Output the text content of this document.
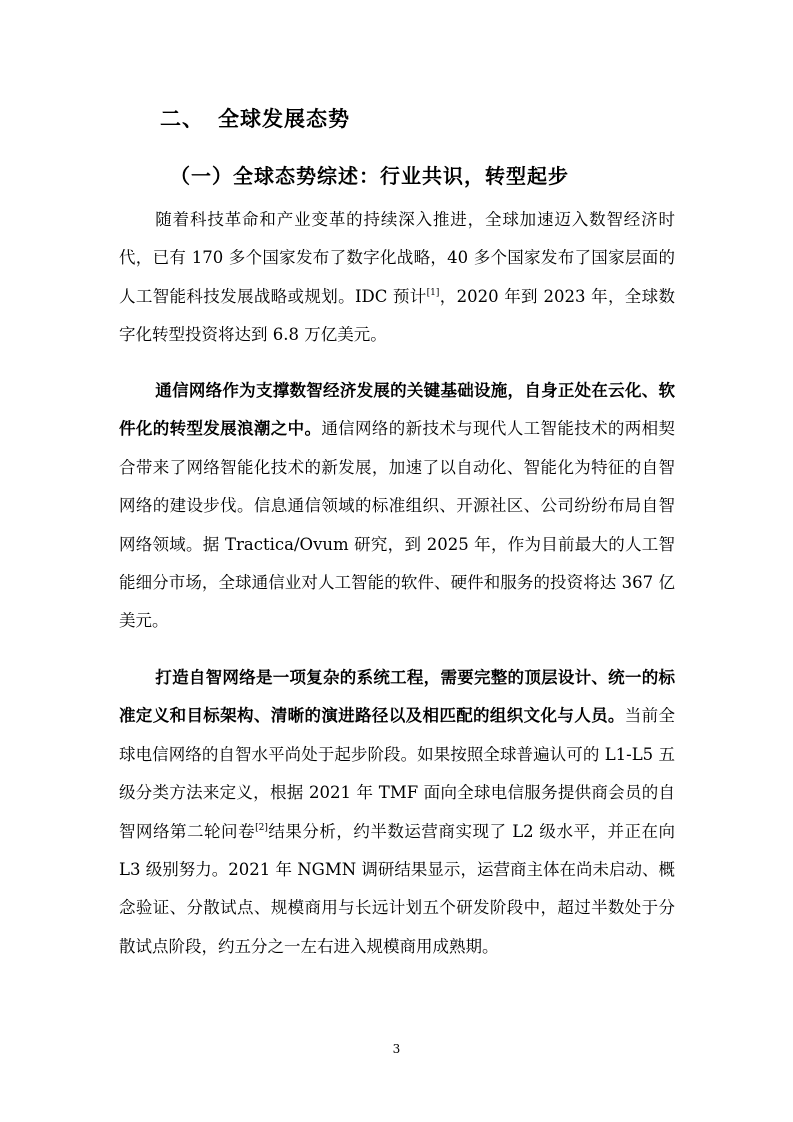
二、 全球发展态势
（一）全球态势综述：行业共识，转型起步

随着科技革命和产业变革的持续深入推进，全球加速迈入数智经济时代，已有 170 多个国家发布了数字化战略，40 多个国家发布了国家层面的人工智能科技发展战略或规划。IDC 预计[1]，2020 年到 2023 年，全球数字化转型投资将达到 6.8 万亿美元。

通信网络作为支撑数智经济发展的关键基础设施，自身正处在云化、软件化的转型发展浪潮之中。通信网络的新技术与现代人工智能技术的两相契合带来了网络智能化技术的新发展，加速了以自动化、智能化为特征的自智网络的建设步伐。信息通信领域的标准组织、开源社区、公司纷纷布局自智网络领域。据 Tractica/Ovum 研究，到 2025 年，作为目前最大的人工智能细分市场，全球通信业对人工智能的软件、硬件和服务的投资将达 367 亿美元。

打造自智网络是一项复杂的系统工程，需要完整的顶层设计、统一的标准定义和目标架构、清晰的演进路径以及相匹配的组织文化与人员。当前全球电信网络的自智水平尚处于起步阶段。如果按照全球普遍认可的 L1-L5 五级分类方法来定义，根据 2021 年 TMF 面向全球电信服务提供商会员的自智网络第二轮问卷[2]结果分析，约半数运营商实现了 L2 级水平，并正在向 L3 级别努力。2021 年 NGMN 调研结果显示，运营商主体在尚未启动、概念验证、分散试点、规模商用与长远计划五个研发阶段中，超过半数处于分散试点阶段，约五分之一左右进入规模商用成熟期。

3
